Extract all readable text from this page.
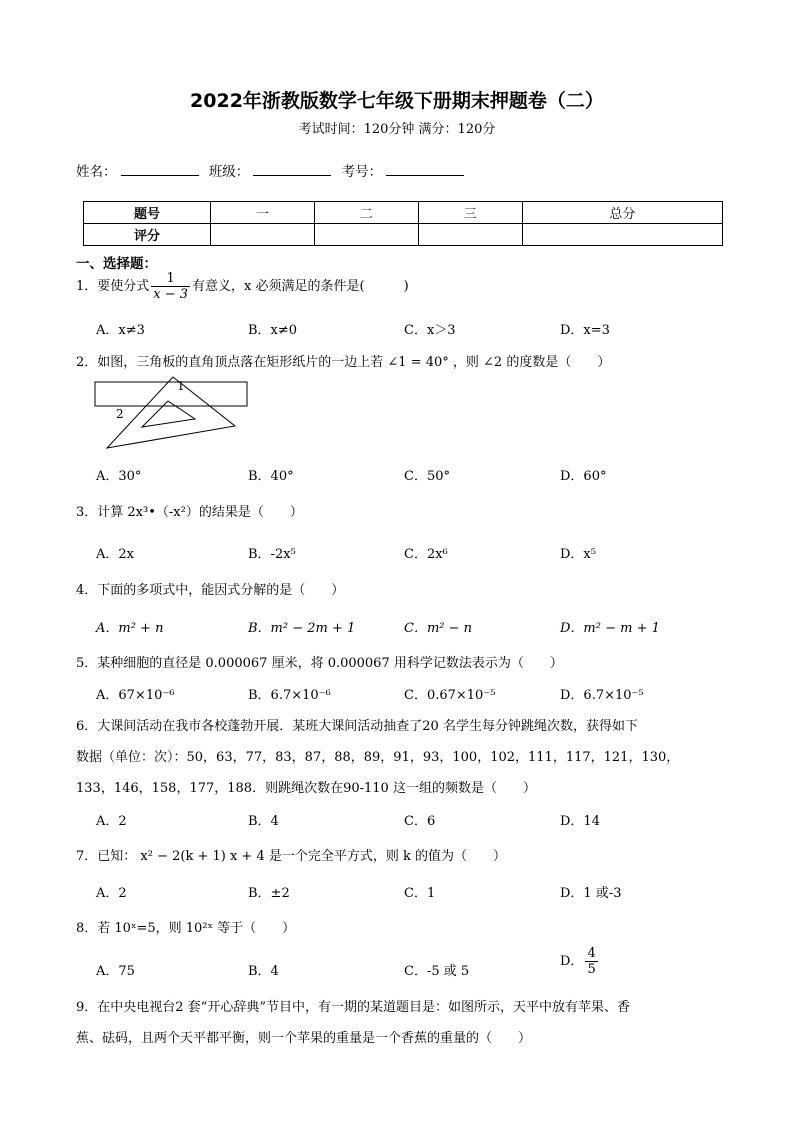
2022年浙教版数学七年级下册期末押题卷（二）
考试时间：120分钟 满分：120分
姓名：	班级：	考号：
题号	一	二	三	总分
评分				
一、选择题：
1．要使分式 $\frac{1}{x - 3}$ 有意义，x 必须满足的条件是(　　　)
A．x≠3	B．x≠0	C．x＞3	D．x=3
2．如图，三角板的直角顶点落在矩形纸片的一边上若 ∠1 = 40° ，则 ∠2 的度数是（　　）
1
2
A．30°	B．40°	C．50°	D．60°
3．计算 2x³•（-x²）的结果是（　　）
A．2x	B．-2x⁵	C．2x⁶	D．x⁵
4．下面的多项式中，能因式分解的是（　　）
A．m² + n	B．m² − 2m + 1	C．m² − n	D．m² − m + 1
5．某种细胞的直径是 0.000067 厘米，将 0.000067 用科学记数法表示为（　　）
A．67×10⁻⁶	B．6.7×10⁻⁶	C．0.67×10⁻⁵	D．6.7×10⁻⁵
6．大课间活动在我市各校蓬勃开展．某班大课间活动抽查了20 名学生每分钟跳绳次数，获得如下
数据（单位：次）：50，63，77，83，87，88，89，91，93，100，102，111，117，121，130，
133，146，158，177，188．则跳绳次数在90-110 这一组的频数是（　　）
A．2	B．4	C．6	D．14
7．已知： x² − 2(k + 1) x + 4 是一个完全平方式，则 k 的值为（　　）
A．2	B．±2	C．1	D．1 或-3
8．若 10ˣ=5，则 10²ˣ 等于（　　）
A．75	B．4	C．-5 或 5
D． $\frac{4}{5}$
9．在中央电视台2 套“开心辞典”节目中，有一期的某道题目是：如图所示，天平中放有苹果、香
蕉、砝码，且两个天平都平衡，则一个苹果的重量是一个香蕉的重量的（　　）
